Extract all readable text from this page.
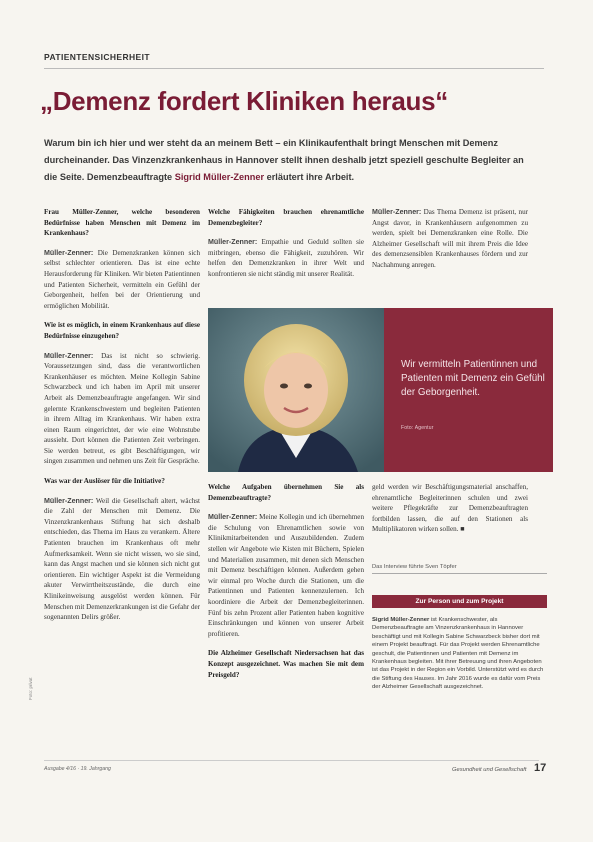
PATIENTENSICHERHEIT
„Demenz fordert Kliniken heraus“
Warum bin ich hier und wer steht da an meinem Bett – ein Klinikaufenthalt bringt Menschen mit Demenz durcheinander. Das Vinzenzkrankenhaus in Hannover stellt ihnen deshalb jetzt speziell geschulte Begleiter an die Seite. Demenzbeauftragte Sigrid Müller-Zenner erläutert ihre Arbeit.

Frau Müller-Zenner, welche besonderen Bedürfnisse haben Menschen mit Demenz im Krankenhaus?

Müller-Zenner: Die Demenzkranken können sich selbst schlechter orientieren. Das ist eine echte Herausforderung für Kliniken. Wir bieten Patientinnen und Patienten Sicherheit, vermitteln ein Gefühl der Geborgenheit, helfen bei der Orientierung und ermöglichen Mobilität.

Wie ist es möglich, in einem Krankenhaus auf diese Bedürfnisse einzugehen?

Müller-Zenner: Das ist nicht so schwierig. Voraussetzungen sind, dass die verantwortlichen Krankenhäuser es möchten. Meine Kollegin Sabine Schwarzbeck und ich haben im April mit unserer Arbeit als Demenzbeauftragte angefangen. Wir sind gelernte Krankenschwestern und begleiten Patienten in ihrem Alltag im Krankenhaus. Wir haben extra einen Raum eingerichtet, der wie eine Wohnstube aussieht. Dort können die Patienten Zeit verbringen. Sie werden betreut, es gibt Beschäftigungen, wir singen zusammen und nehmen uns Zeit für Gespräche.

Was war der Auslöser für die Initiative?

Müller-Zenner: Weil die Gesellschaft altert, wächst die Zahl der Menschen mit Demenz. Die Vinzenzkrankenhaus Stiftung hat sich deshalb entschieden, das Thema im Haus zu verankern. Ältere Patienten brauchen im Krankenhaus oft mehr Aufmerksamkeit. Wenn sie nicht wissen, wo sie sind, kann das Angst machen und sie können sich nicht gut orientieren. Ein wichtiger Aspekt ist die Vermeidung akuter Verwirrtheitszustände, die durch eine Klinikeinweisung ausgelöst werden können. Für Menschen mit Demenzerkrankungen ist die Gefahr der sogenannten Delirs größer.

Welche Fähigkeiten brauchen ehrenamtliche Demenzbegleiter?

Müller-Zenner: Empathie und Geduld sollten sie mitbringen, ebenso die Fähigkeit, zuzuhören. Wir helfen den Demenzkranken in ihrer Welt und konfrontieren sie nicht ständig mit unserer Realität.

Müller-Zenner: Das Thema Demenz ist präsent, nur Angst davor, in Krankenhäusern aufgenommen zu werden, spielt bei Demenzkranken eine Rolle. Die Alzheimer Gesellschaft will mit ihrem Preis die Idee des demenzsensiblen Krankenhauses fördern und zur Nachahmung anregen.

Wir vermitteln Patientinnen und Patienten mit Demenz ein Gefühl der Geborgenheit.
Foto: Agentur

Welche Aufgaben übernehmen Sie als Demenzbeauftragte?

Müller-Zenner: Meine Kollegin und ich übernehmen die Schulung von Ehrenamtlichen sowie von Klinikmitarbeitenden und Auszubildenden. Zudem stellen wir Angebote wie Kisten mit Büchern, Spielen und Materialien zusammen, mit denen sich Menschen mit Demenz beschäftigen können. Außerdem gehen wir einmal pro Woche durch die Stationen, um die Patientinnen und Patienten kennenzulernen. Ich koordiniere die Arbeit der Demenzbegleiterinnen. Fünf bis zehn Prozent aller Patienten haben kognitive Einschränkungen und können von unserer Arbeit profitieren.

Die Alzheimer Gesellschaft Niedersachsen hat das Konzept ausgezeichnet. Was machen Sie mit dem Preisgeld?

geld werden wir Beschäftigungsmaterial anschaffen, ehrenamtliche Begleiterinnen schulen und zwei weitere Pflegekräfte zur Demenzbeauftragten fortbilden lassen, die auf den Stationen als Multiplikatoren wirken sollen. ■

Das Interview führte Sven Töpfer
Zur Person und zum Projekt
Sigrid Müller-Zenner ist Krankenschwester, als Demenzbeauftragte am Vinzenzkrankenhaus in Hannover beschäftigt und mit Kollegin Sabine Schwarzbeck bisher dort mit einem Projekt beauftragt. Für das Projekt werden Ehrenamtliche geschult, die Patientinnen und Patienten mit Demenz im Krankenhaus begleiten. Mit ihrer Betreuung und ihren Angeboten ist das Projekt in der Region ein Vorbild. Unterstützt wird es durch die Stiftung des Hauses. Im Jahr 2016 wurde es dafür vom Preis der Alzheimer Gesellschaft ausgezeichnet.
Ausgabe 4/16 · 19. Jahrgang	Gesundheit und Gesellschaft 17
Foto: privat
